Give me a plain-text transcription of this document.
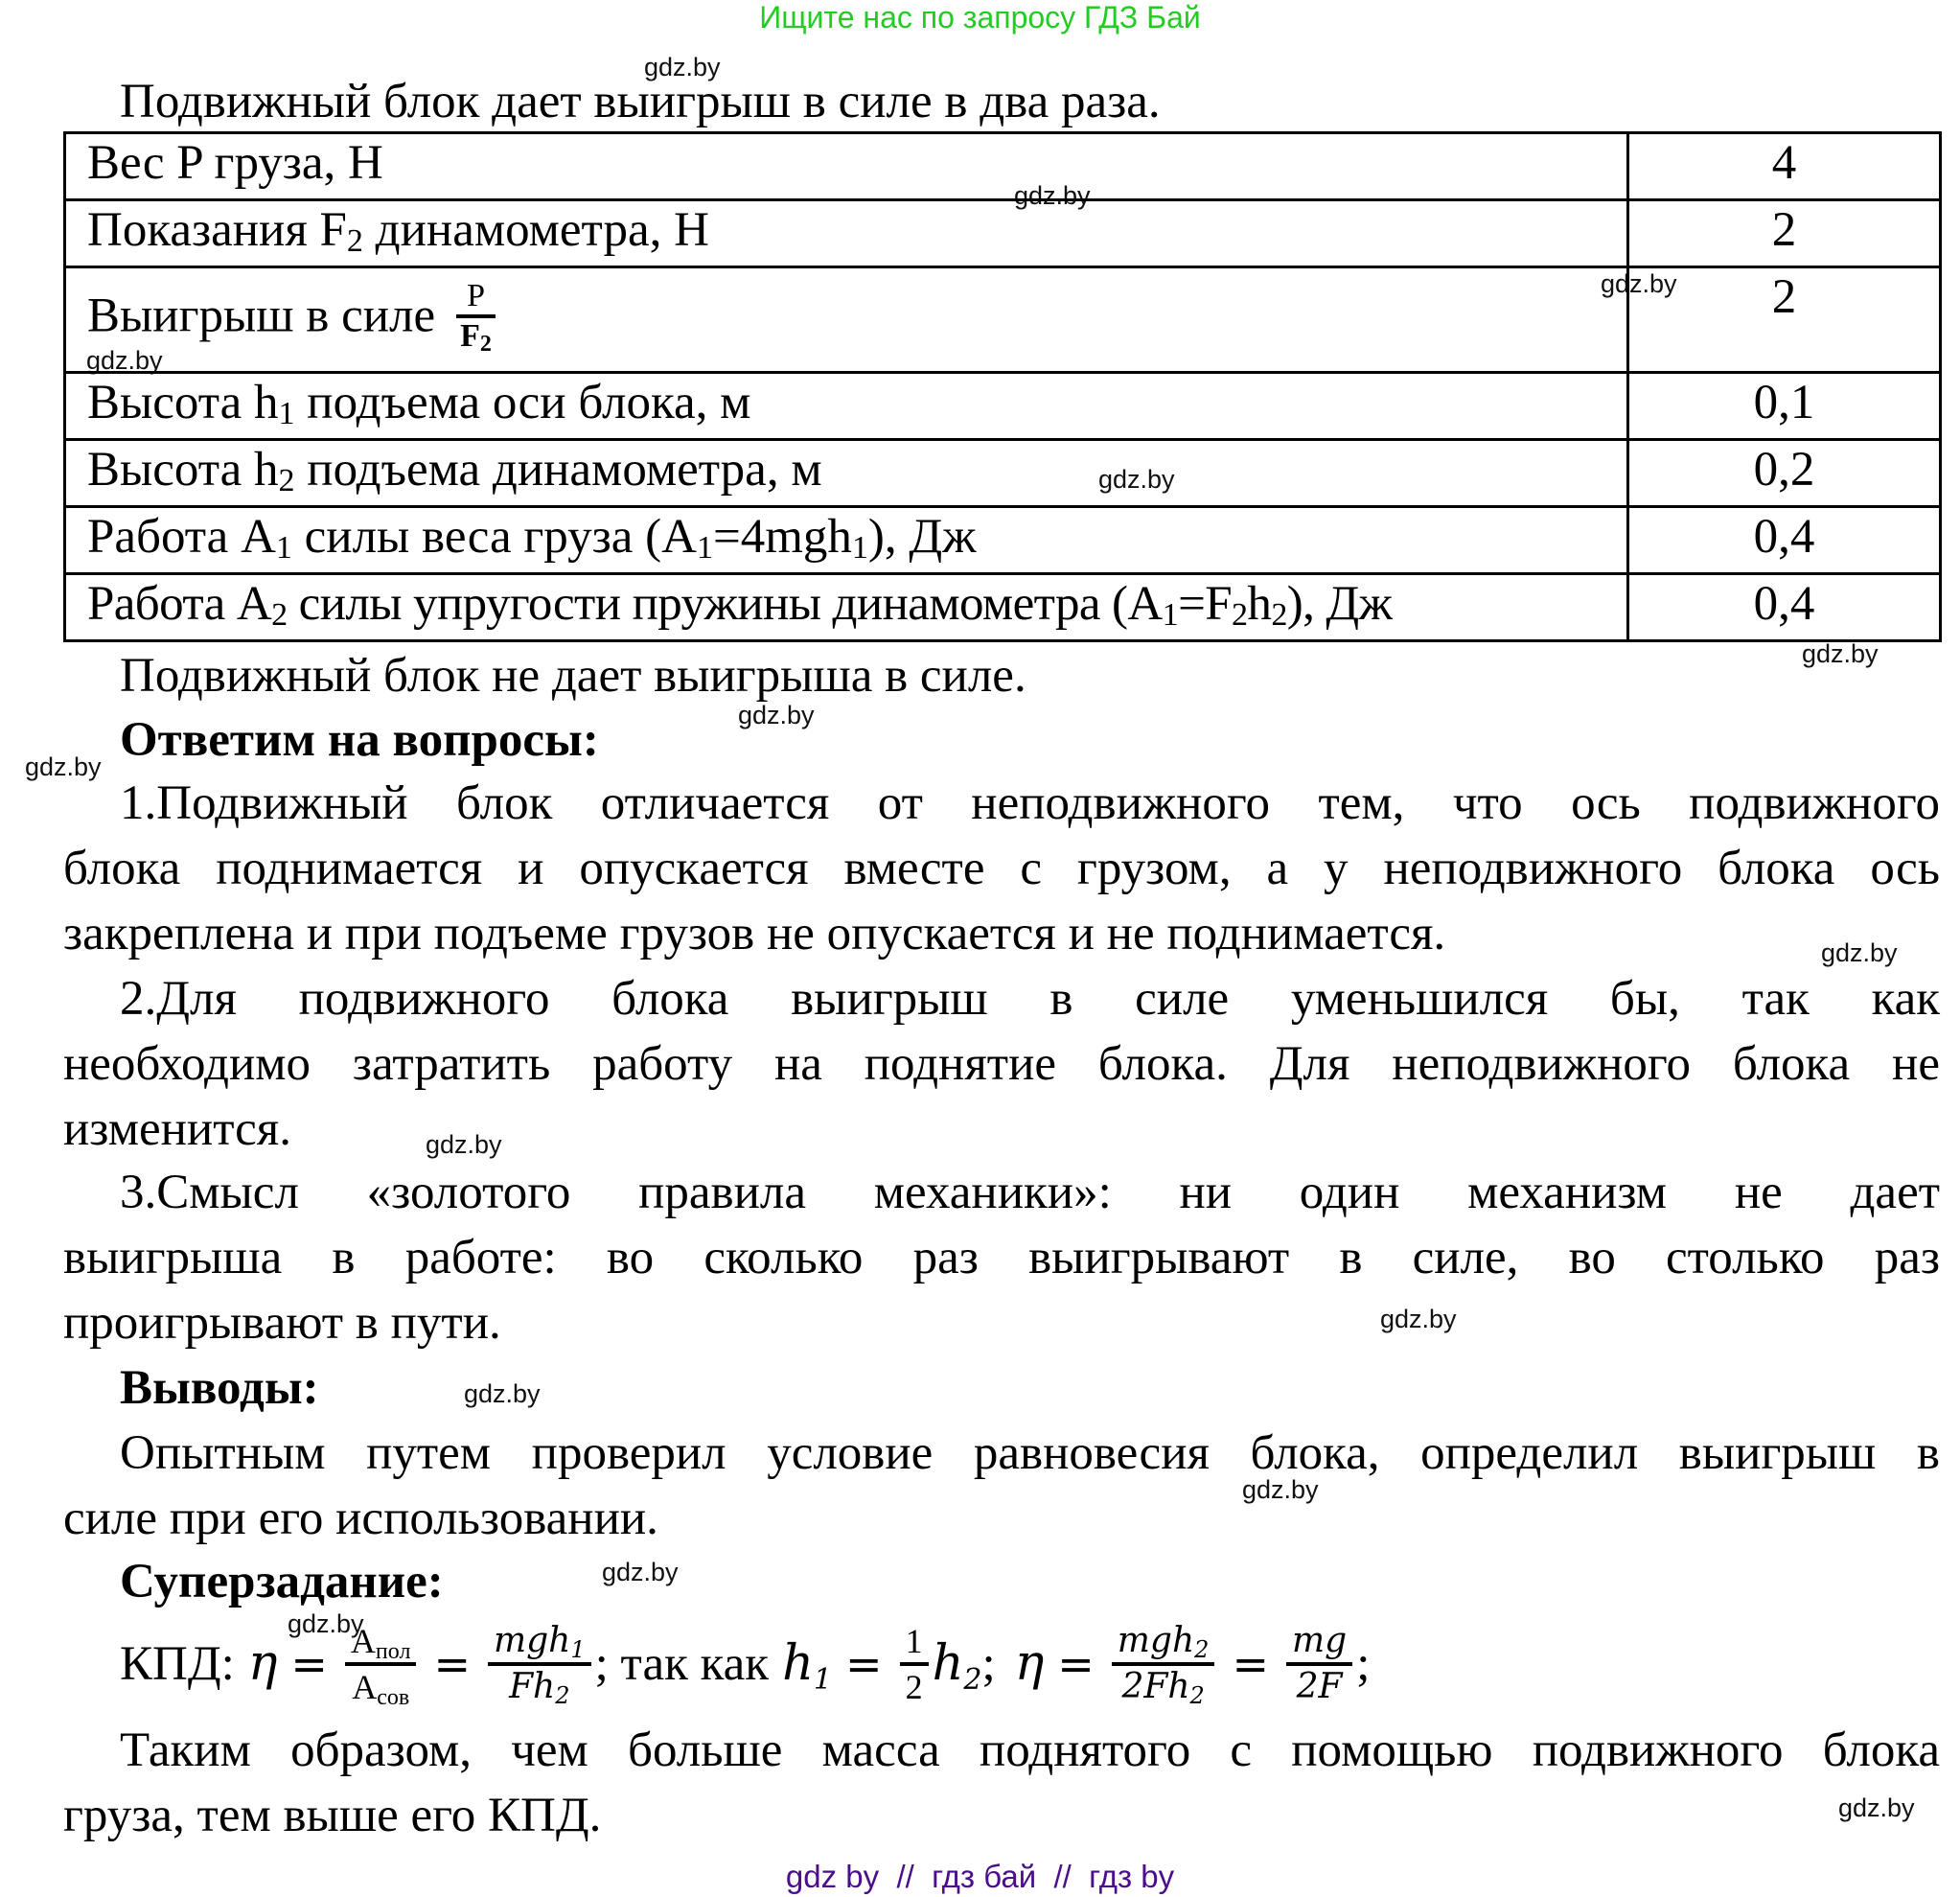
Ищите нас по запросу ГДЗ Бай
gdz.by
gdz.by
gdz.by
gdz.by
gdz.by
gdz.by
gdz.by
gdz.by
gdz.by
gdz.by
gdz.by
gdz.by
gdz.by
gdz.by
gdz.by
gdz.by
Подвижный блок дает выигрыш в силе в два раза.
Вес P груза, Н	4
Показания $F_2$ динамометра, Н	2
Выигрыш в силе $\frac{P}{F_2}$	2
Высота $h_1$ подъема оси блока, м	0,1
Высота $h_2$ подъема динамометра, м	0,2
Работа $A_1$ силы веса груза $(A_1=4mgh_1)$, Дж	0,4
Работа $A_2$ силы упругости пружины динамометра $(A_1=F_2h_2)$, Дж	0,4
Подвижный блок не дает выигрыша в силе.
Ответим на вопросы:
1.Подвижный блок отличается от неподвижного тем, что ось подвижного
блока поднимается и опускается вместе с грузом, а у неподвижного блока ось
закреплена и при подъеме грузов не опускается и не поднимается.
2.Для подвижного блока выигрыш в силе уменьшился бы, так как
необходимо затратить работу на поднятие блока. Для неподвижного блока не
изменится.
3.Смысл «золотого правила механики»: ни один механизм не дает
выигрыша в работе: во сколько раз выигрывают в силе, во столько раз
проигрывают в пути.
Выводы:
Опытным путем проверил условие равновесия блока, определил выигрыш в
силе при его использовании.
Суперзадание:
КПД: $\eta = A_{пол}$
$A_{сов}$
= mgh$_1$
$Fh_2$
; так как $h_1 = \frac{1}{2} h_2$ ; η = mgh$_2$
$2Fh_2$
= $\frac{mg}{2F}$ ;
Таким образом, чем больше масса поднятого с помощью подвижного блока
груза, тем выше его КПД.
gdz by  //  гдз бай  //  гдз by
